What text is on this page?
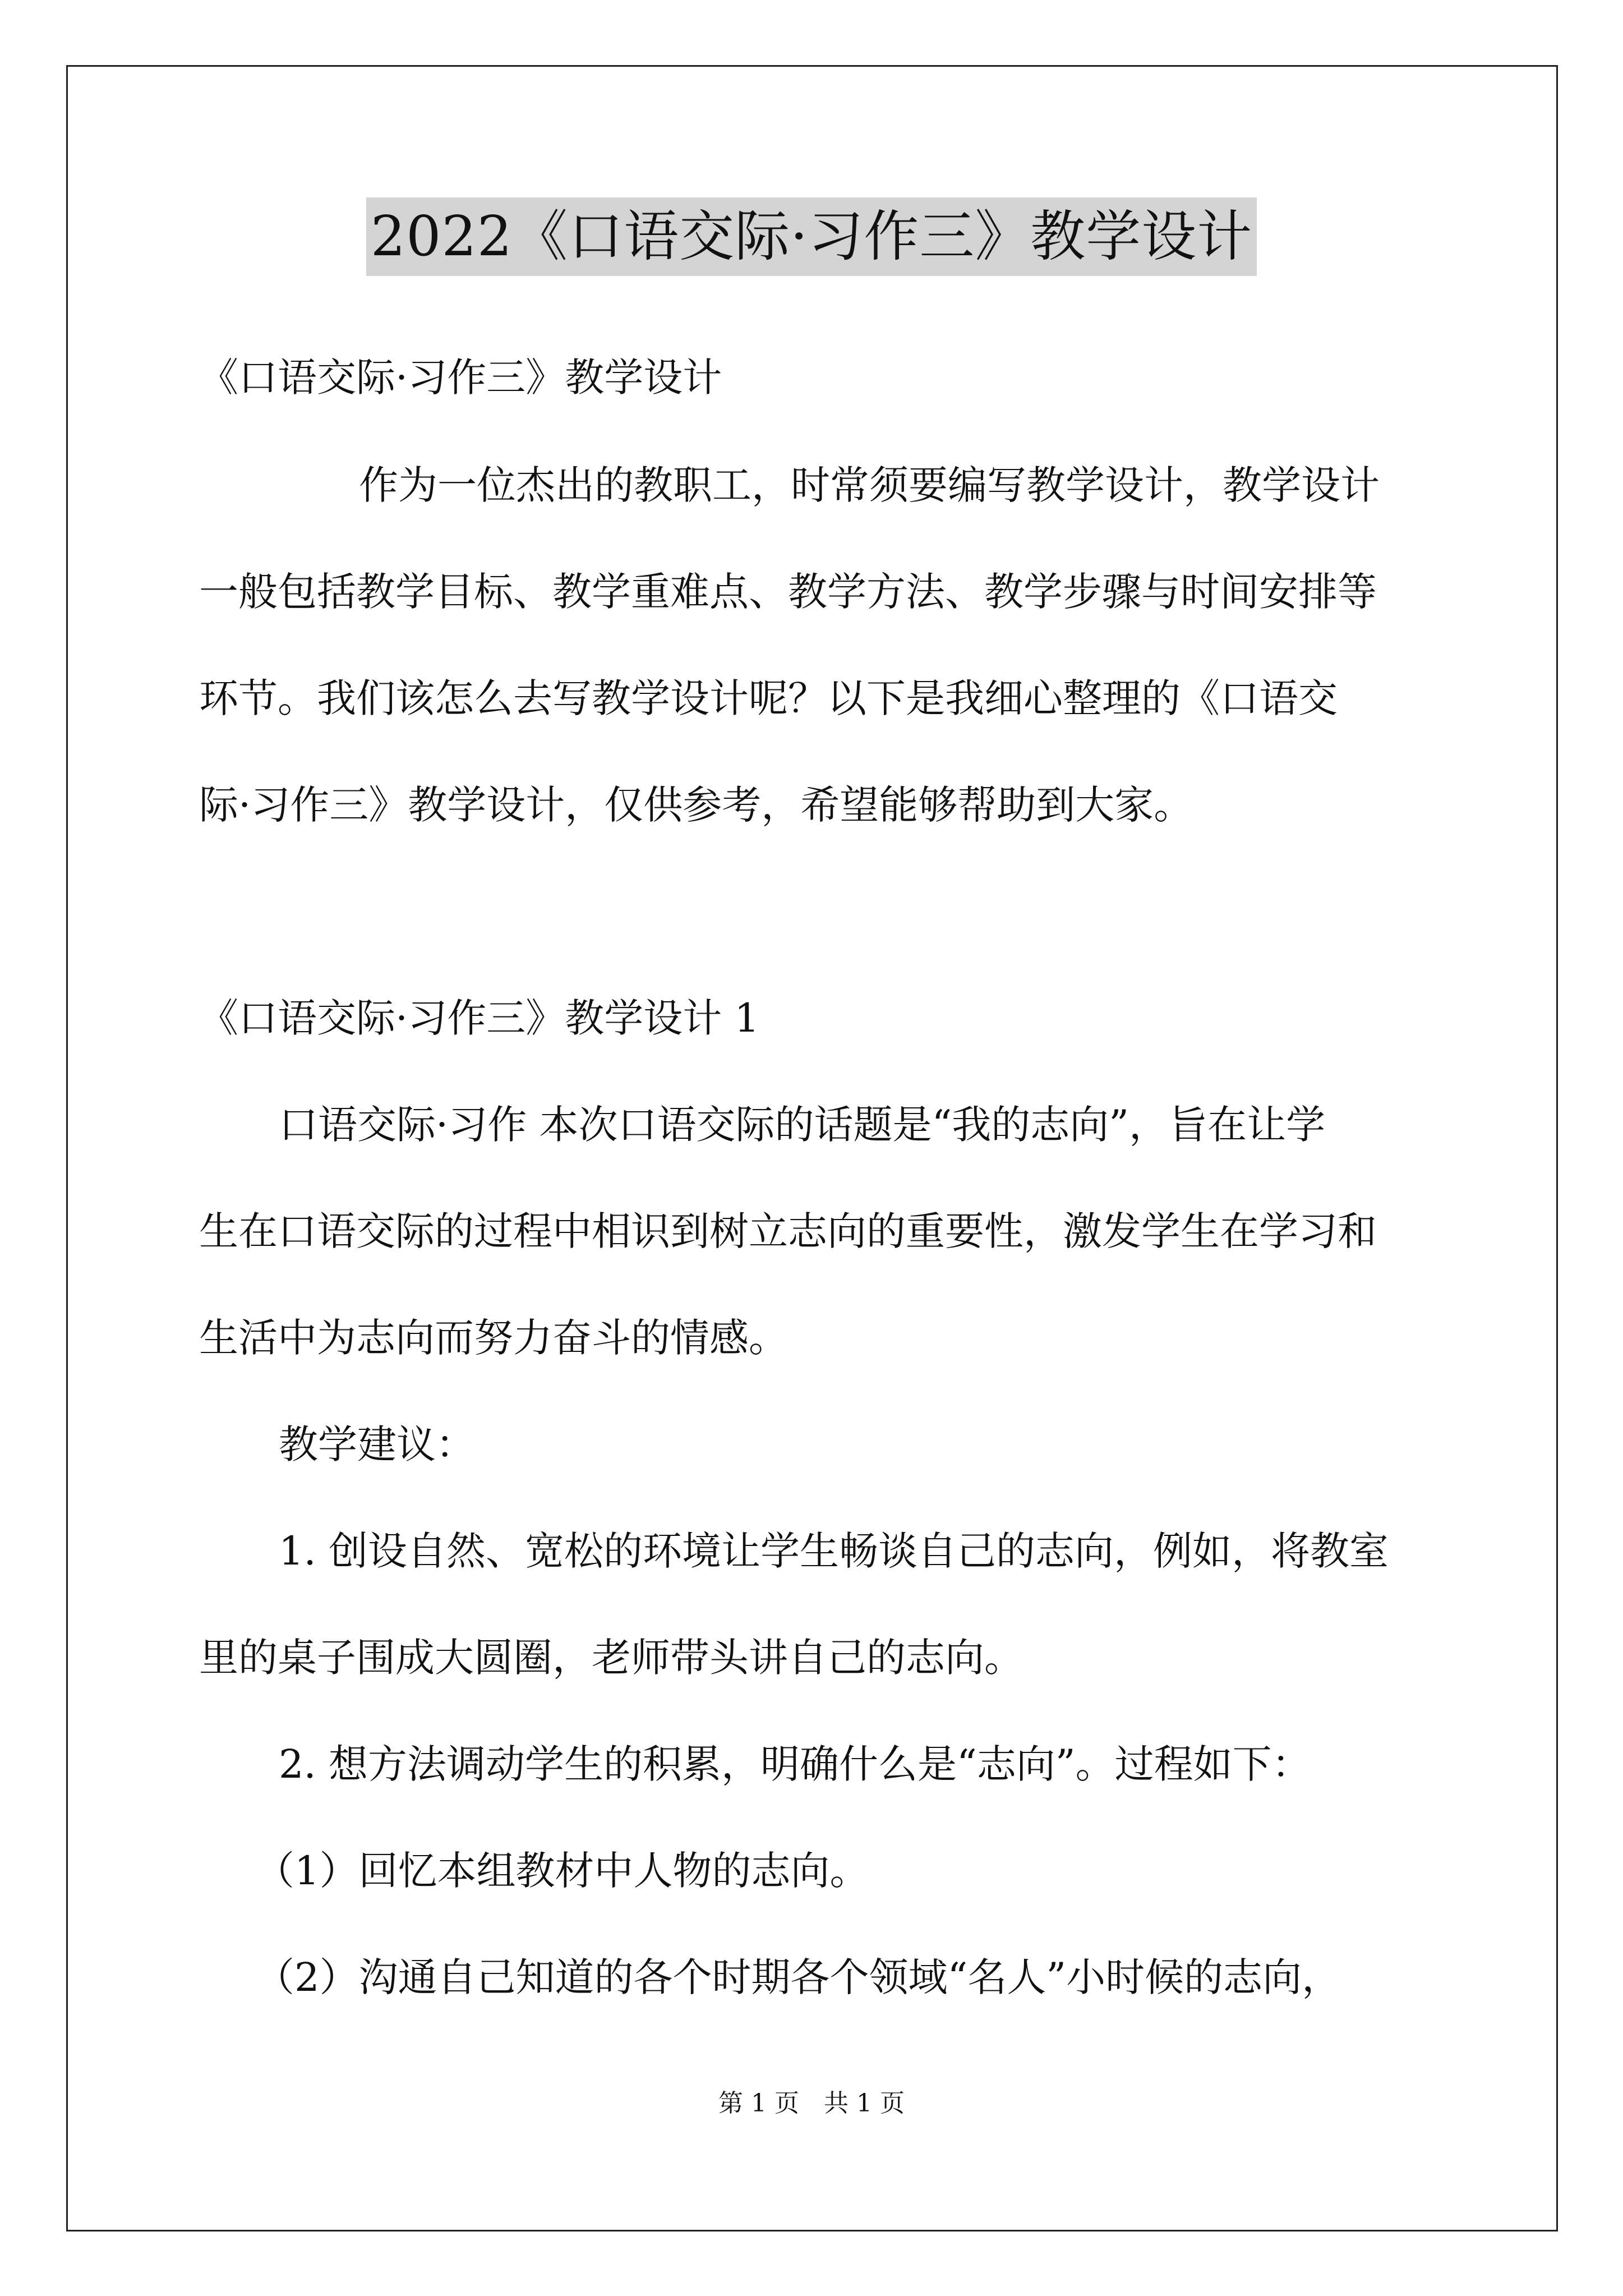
2022《口语交际·习作三》教学设计
《口语交际·习作三》教学设计
作为一位杰出的教职工，时常须要编写教学设计，教学设计
一般包括教学目标、教学重难点、教学方法、教学步骤与时间安排等
环节。我们该怎么去写教学设计呢？以下是我细心整理的《口语交
际·习作三》教学设计，仅供参考，希望能够帮助到大家。
《口语交际·习作三》教学设计 1
口语交际·习作 本次口语交际的话题是“我的志向”，旨在让学
生在口语交际的过程中相识到树立志向的重要性，激发学生在学习和
生活中为志向而努力奋斗的情感。
教学建议：
1. 创设自然、宽松的环境让学生畅谈自己的志向，例如，将教室
里的桌子围成大圆圈，老师带头讲自己的志向。
2. 想方法调动学生的积累，明确什么是“志向”。过程如下：
（1）回忆本组教材中人物的志向。
（2）沟通自己知道的各个时期各个领域“名人”小时候的志向，
第 1 页　共 1 页
